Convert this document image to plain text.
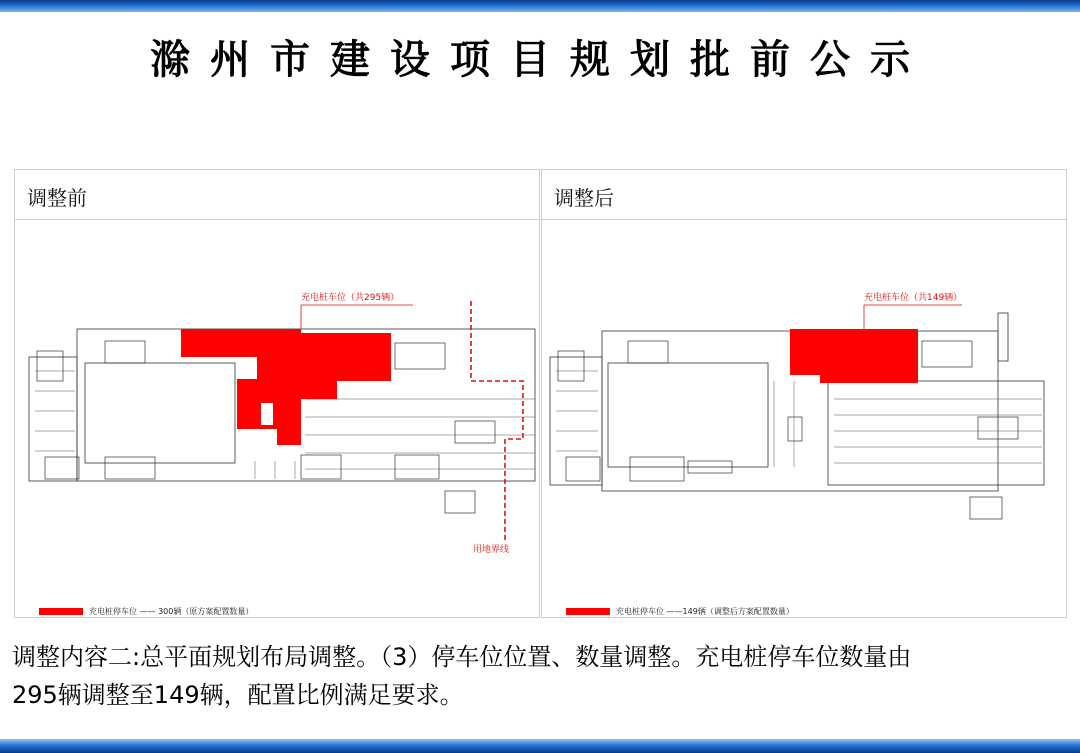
滁州市建设项目规划批前公示
调整前
充电桩车位（共295辆）
用地界线
充电桩停车位 —— 300辆（原方案配置数量）
调整后
充电桩车位（共149辆）
充电桩停车位 ——149辆（调整后方案配置数量）
调整内容二:总平面规划布局调整。（3）停车位位置、数量调整。充电桩停车位数量由
295辆调整至149辆，配置比例满足要求。
